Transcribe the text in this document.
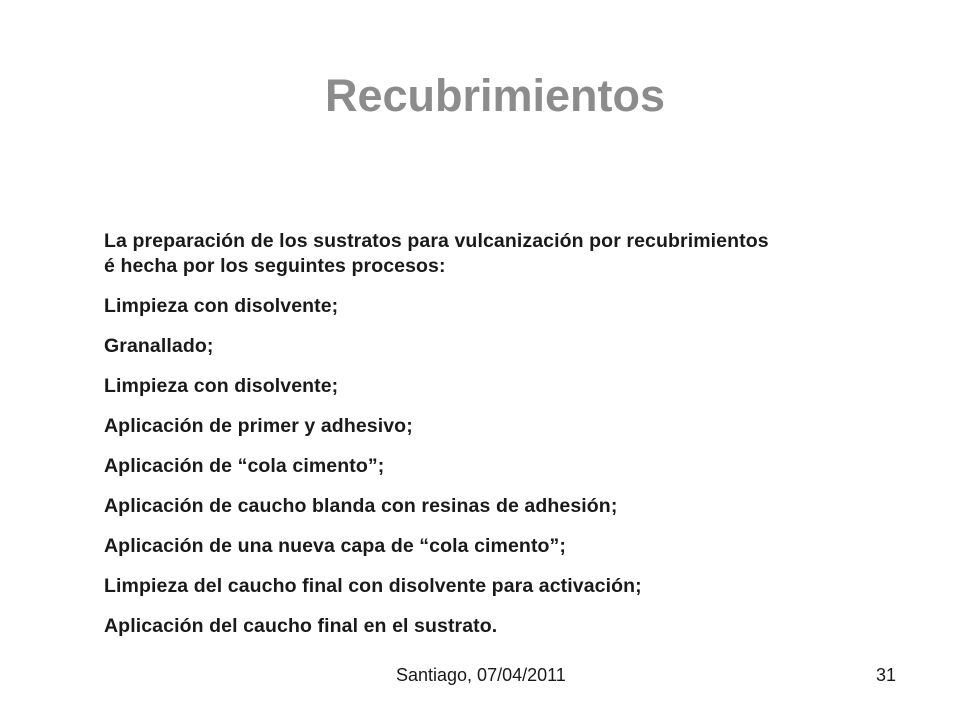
Recubrimientos

La preparación de los sustratos para vulcanización por recubrimientos
é hecha por los seguintes procesos:

Limpieza con disolvente;

Granallado;

Limpieza con disolvente;

Aplicación de primer y adhesivo;

Aplicación de “cola cimento”;

Aplicación de caucho blanda con resinas de adhesión;

Aplicación de una nueva capa de “cola cimento”;

Limpieza del caucho final con disolvente para activación;

Aplicación del caucho final en el sustrato.

Santiago, 07/04/2011	31
